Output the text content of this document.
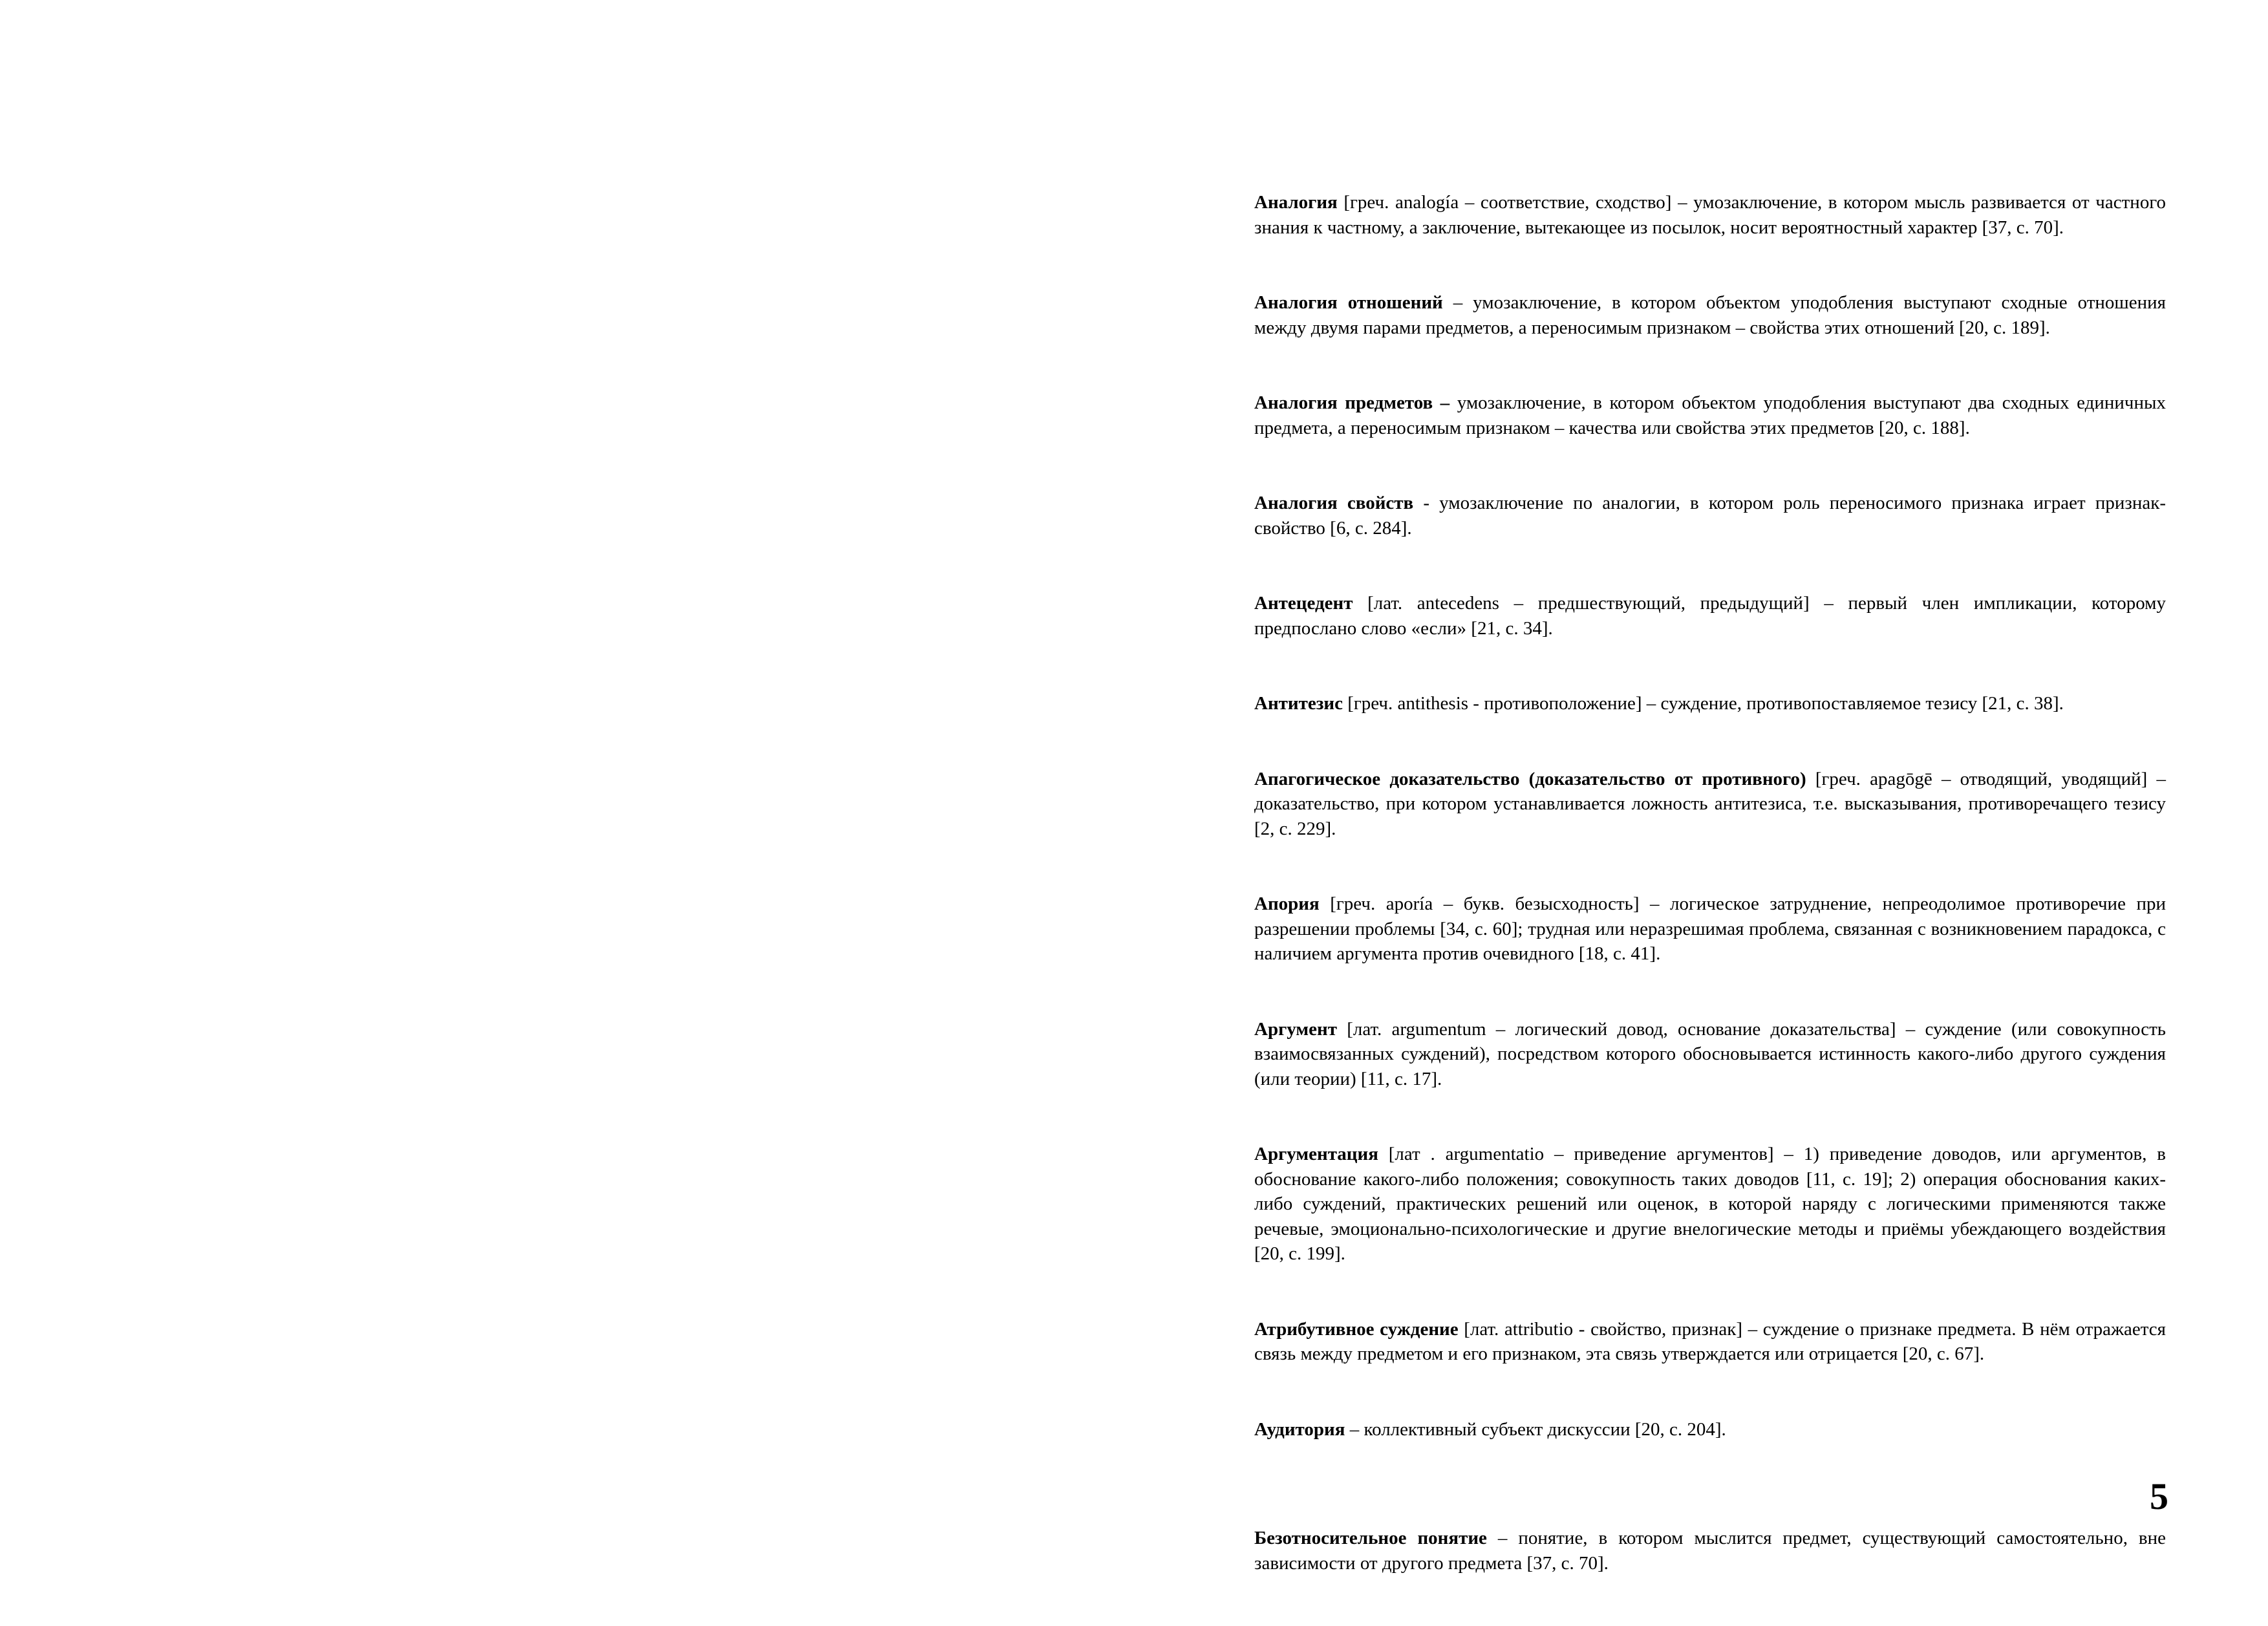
Аналогия [греч. analogía – соответствие, сходство] – умозаключение, в котором мысль развивается от частного знания к частному, а заключение, вытекающее из посылок, носит вероятностный характер [37, с. 70].

Аналогия отношений – умозаключение, в котором объектом уподобления выступают сходные отношения между двумя парами предметов, а переносимым признаком – свойства этих отношений [20, с. 189].

Аналогия предметов – умозаключение, в котором объектом уподобления выступают два сходных единичных предмета, а переносимым признаком – качества или свойства этих предметов [20, с. 188].

Аналогия свойств - умозаключение по аналогии, в котором роль переносимого признака играет признак-свойство [6, с. 284].

Антецедент [лат. antecedens – предшествующий, предыдущий] – первый член импликации, которому предпослано слово «если» [21, с. 34].

Антитезис [греч. antithesis - противоположение] – суждение, противопоставляемое тезису [21, с. 38].

Апагогическое доказательство (доказательство от противного) [греч. apagōgē – отводящий, уводящий] – доказательство, при котором устанавливается ложность антитезиса, т.е. высказывания, противоречащего тезису [2, с. 229].

Апория [греч. aporía – букв. безысходность] – логическое затруднение, непреодолимое противоречие при разрешении проблемы [34, с. 60]; трудная или неразрешимая проблема, связанная с возникновением парадокса, с наличием аргумента против очевидного [18, с. 41].

Аргумент [лат. argumentum – логический довод, основание доказательства] – суждение (или совокупность взаимосвязанных суждений), посредством которого обосновывается истинность какого-либо другого суждения (или теории) [11, с. 17].

Аргументация [лат . argumentatio – приведение аргументов] – 1) приведение доводов, или аргументов, в обоснование какого-либо положения; совокупность таких доводов [11, с. 19]; 2) операция обоснования каких-либо суждений, практических решений или оценок, в которой наряду с логическими применяются также речевые, эмоционально-психологические и другие внелогические методы и приёмы убеждающего воздействия [20, с. 199].

Атрибутивное суждение [лат. attributio - свойство, признак] – суждение о признаке предмета. В нём отражается связь между предметом и его признаком, эта связь утверждается или отрицается [20, с. 67].

Аудитория – коллективный субъект дискуссии [20, с. 204].

Безотносительное понятие – понятие, в котором мыслится предмет, существующий самостоятельно, вне зависимости от другого предмета [37, с. 70].

5
